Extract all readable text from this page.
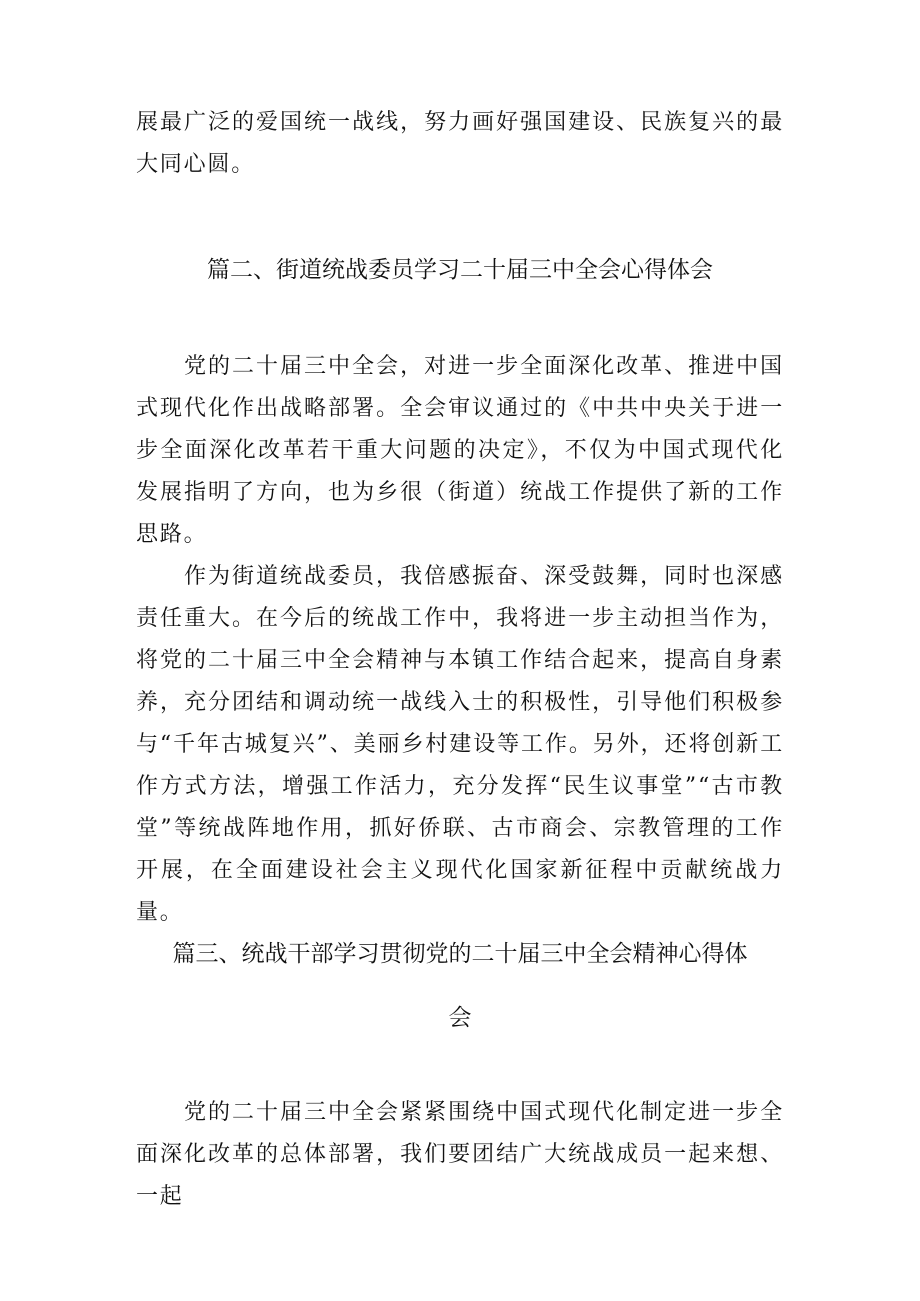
展最广泛的爱国统一战线，努力画好强国建设、民族复兴的最大同心圆。

篇二、街道统战委员学习二十届三中全会心得体会

党的二十届三中全会，对进一步全面深化改革、推进中国式现代化作出战略部署。全会审议通过的《中共中央关于进一步全面深化改革若干重大问题的决定》，不仅为中国式现代化发展指明了方向，也为乡很（街道）统战工作提供了新的工作思路。

作为街道统战委员，我倍感振奋、深受鼓舞，同时也深感责任重大。在今后的统战工作中，我将进一步主动担当作为，将党的二十届三中全会精神与本镇工作结合起来，提高自身素养，充分团结和调动统一战线入士的积极性，引导他们积极参与“千年古城复兴”、美丽乡村建设等工作。另外，还将创新工作方式方法，增强工作活力，充分发挥“民生议事堂”“古市教堂”等统战阵地作用，抓好侨联、古市商会、宗教管理的工作开展，在全面建设社会主义现代化国家新征程中贡献统战力量。

篇三、统战干部学习贯彻党的二十届三中全会精神心得体
会

党的二十届三中全会紧紧围绕中国式现代化制定进一步全面深化改革的总体部署，我们要团结广大统战成员一起来想、一起
